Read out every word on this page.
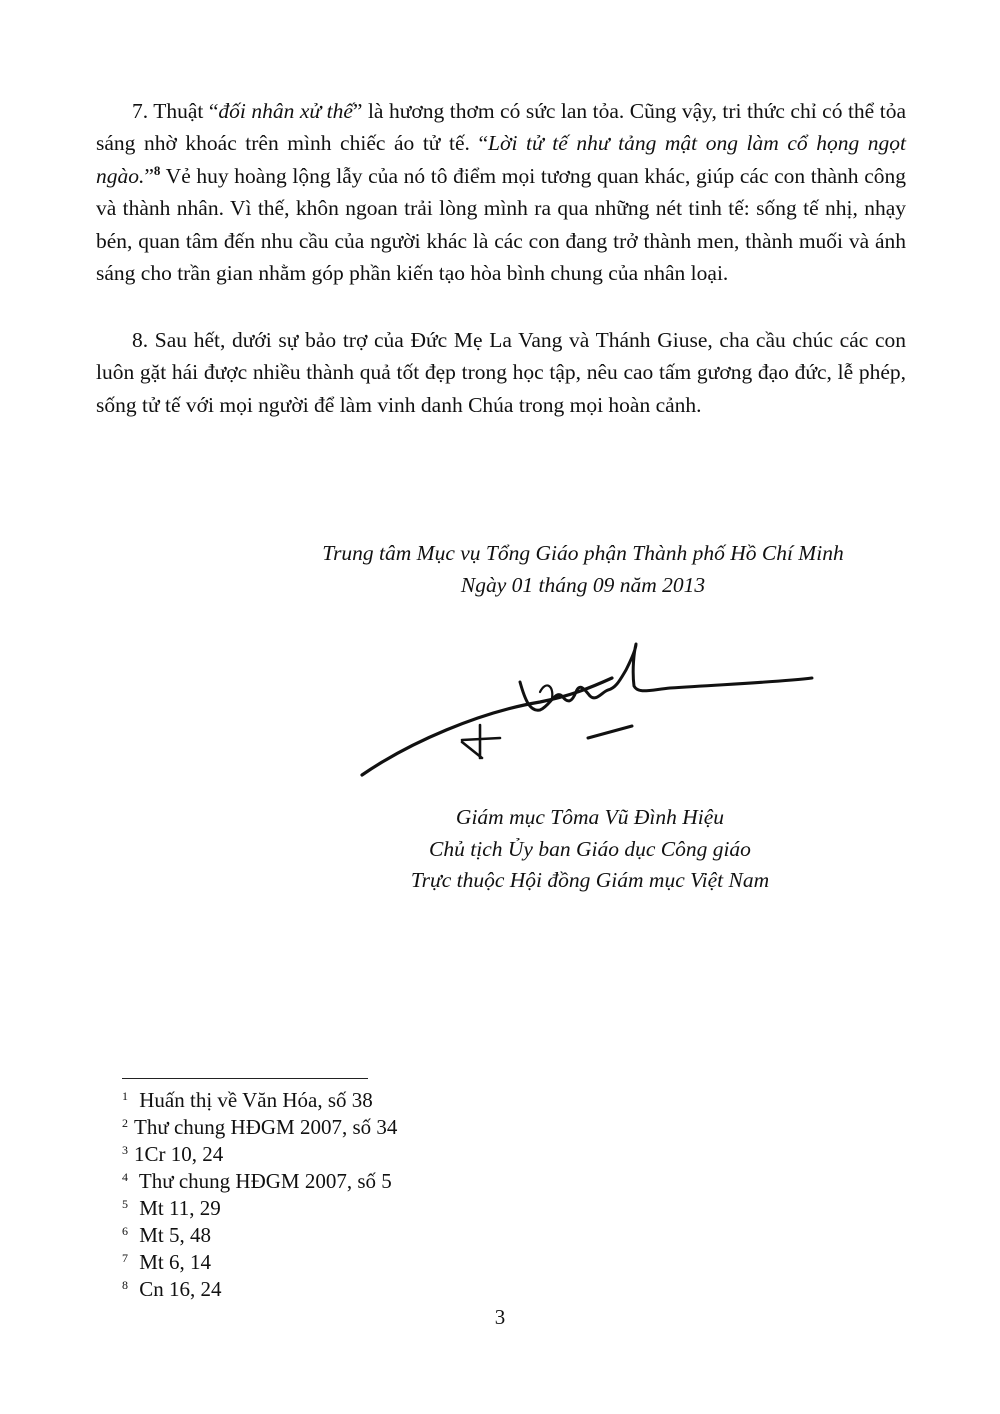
7. Thuật “đối nhân xử thế” là hương thơm có sức lan tỏa. Cũng vậy, tri thức chỉ có thể tỏa sáng nhờ khoác trên mình chiếc áo tử tế. “Lời tử tế như tảng mật ong làm cổ họng ngọt ngào.”$^8$ Vẻ huy hoàng lộng lẫy của nó tô điểm mọi tương quan khác, giúp các con thành công và thành nhân. Vì thế, khôn ngoan trải lòng mình ra qua những nét tinh tế: sống tế nhị, nhạy bén, quan tâm đến nhu cầu của người khác là các con đang trở thành men, thành muối và ánh sáng cho trần gian nhằm góp phần kiến tạo hòa bình chung của nhân loại.

8. Sau hết, dưới sự bảo trợ của Đức Mẹ La Vang và Thánh Giuse, cha cầu chúc các con luôn gặt hái được nhiều thành quả tốt đẹp trong học tập, nêu cao tấm gương đạo đức, lễ phép, sống tử tế với mọi người để làm vinh danh Chúa trong mọi hoàn cảnh.

Trung tâm Mục vụ Tổng Giáo phận Thành phố Hồ Chí Minh
Ngày 01 tháng 09 năm 2013
Giám mục Tôma Vũ Đình Hiệu
Chủ tịch Ủy ban Giáo dục Công giáo
Trực thuộc Hội đồng Giám mục Việt Nam
1 Huấn thị về Văn Hóa, số 38
2 Thư chung HĐGM 2007, số 34
3 1Cr 10, 24
4 Thư chung HĐGM 2007, số 5
5 Mt 11, 29
6 Mt 5, 48
7 Mt 6, 14
8 Cn 16, 24
3
